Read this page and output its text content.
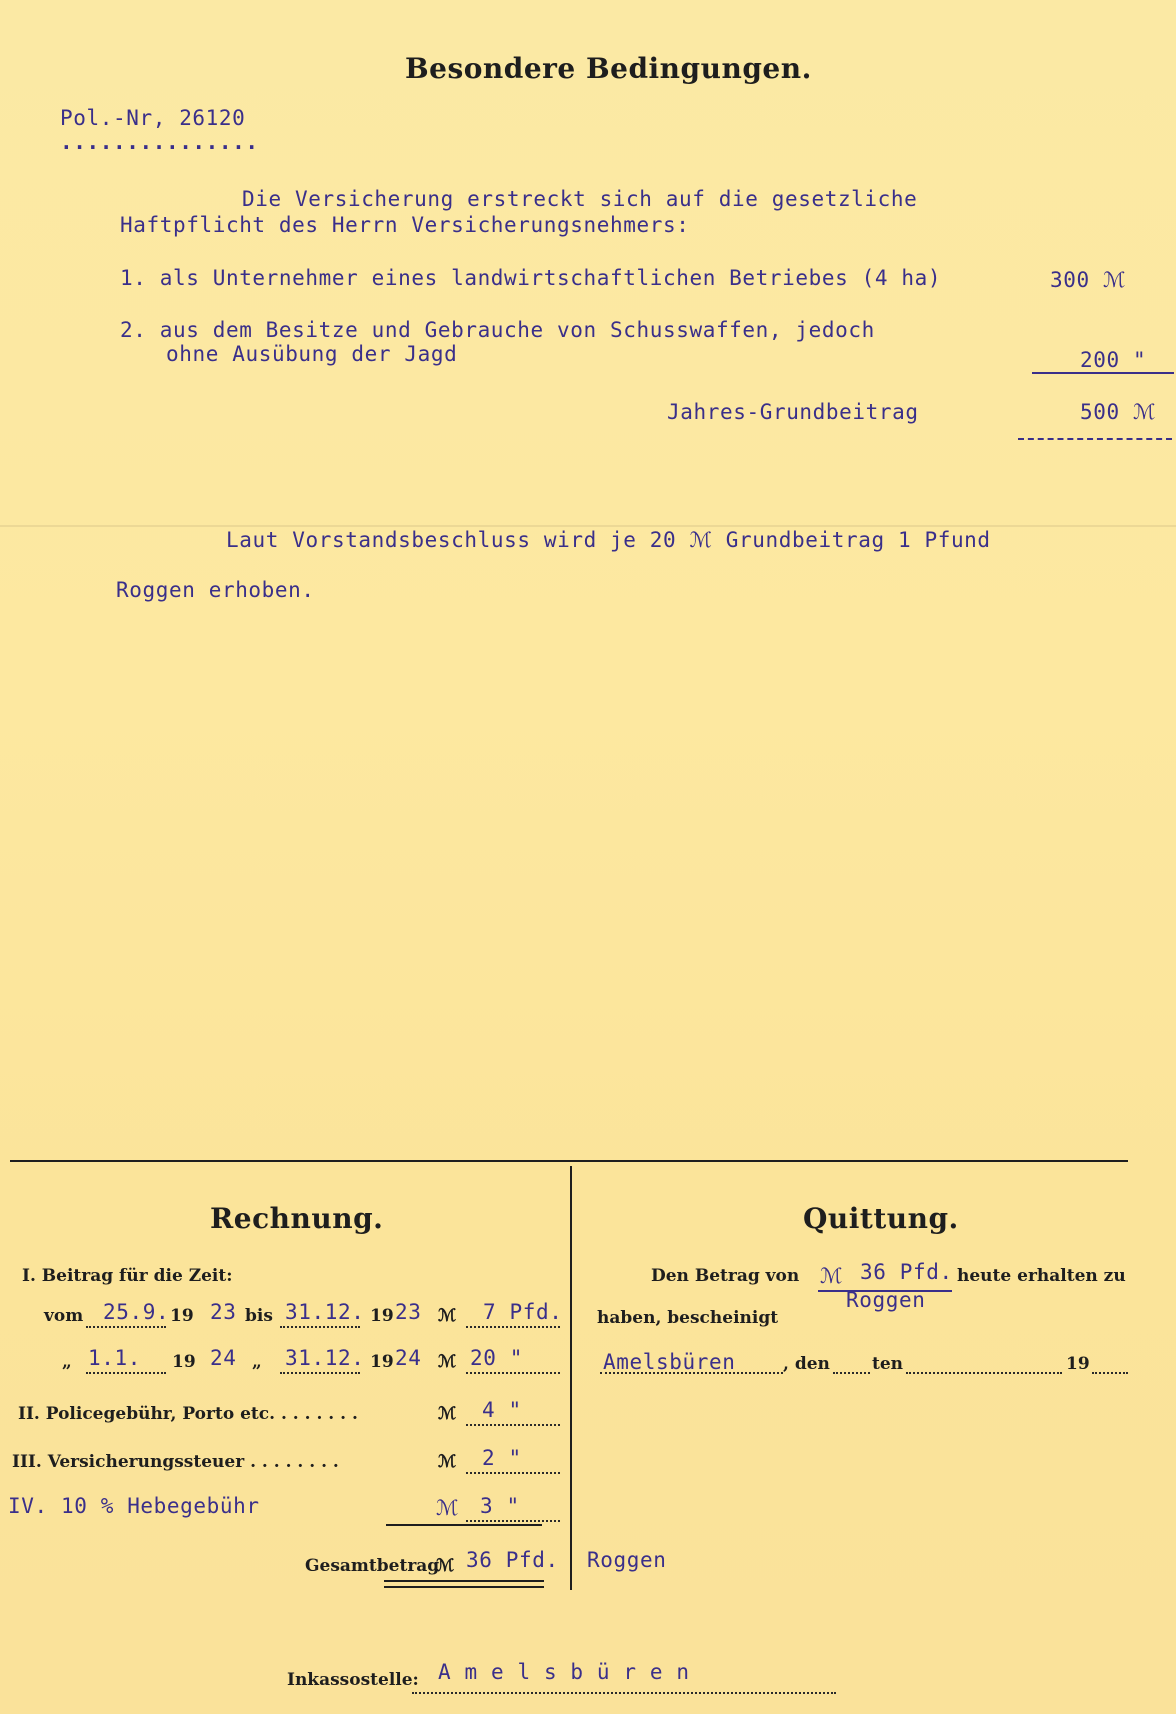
Besondere Bedingungen.
Pol.-Nr, 26120
...............
Die Versicherung erstreckt sich auf die gesetzliche
Haftpflicht des Herrn Versicherungsnehmers:
1. als Unternehmer eines landwirtschaftlichen Betriebes (4 ha)	300 ℳ
2. aus dem Besitze und Gebrauche von Schusswaffen, jedoch
ohne Ausübung der Jagd	200 "
Jahres-Grundbeitrag	500 ℳ
Laut Vorstandsbeschluss wird je 20 ℳ Grundbeitrag 1 Pfund
Roggen erhoben.
Rechnung.
I. Beitrag für die Zeit:
vom 25.9. 19 23 bis 31.12. 19 23 ℳ 7 Pfd.
„ 1.1. 19 24 „ 31.12. 19 24 ℳ 20 "
II. Policegebühr, Porto etc. . . . . . . .	ℳ 4 "
III. Versicherungssteuer . . . . . . . .	ℳ 2 "
IV. 10 % Hebegebühr	ℳ 3 "
Gesamtbetrag
ℳ 36 Pfd. Roggen
Quittung.
Den Betrag von ℳ 36 Pfd. heute erhalten zu
Roggen
haben, bescheinigt
Amelsbüren	, den ten	19
Inkassostelle: A m e l s b ü r e n
